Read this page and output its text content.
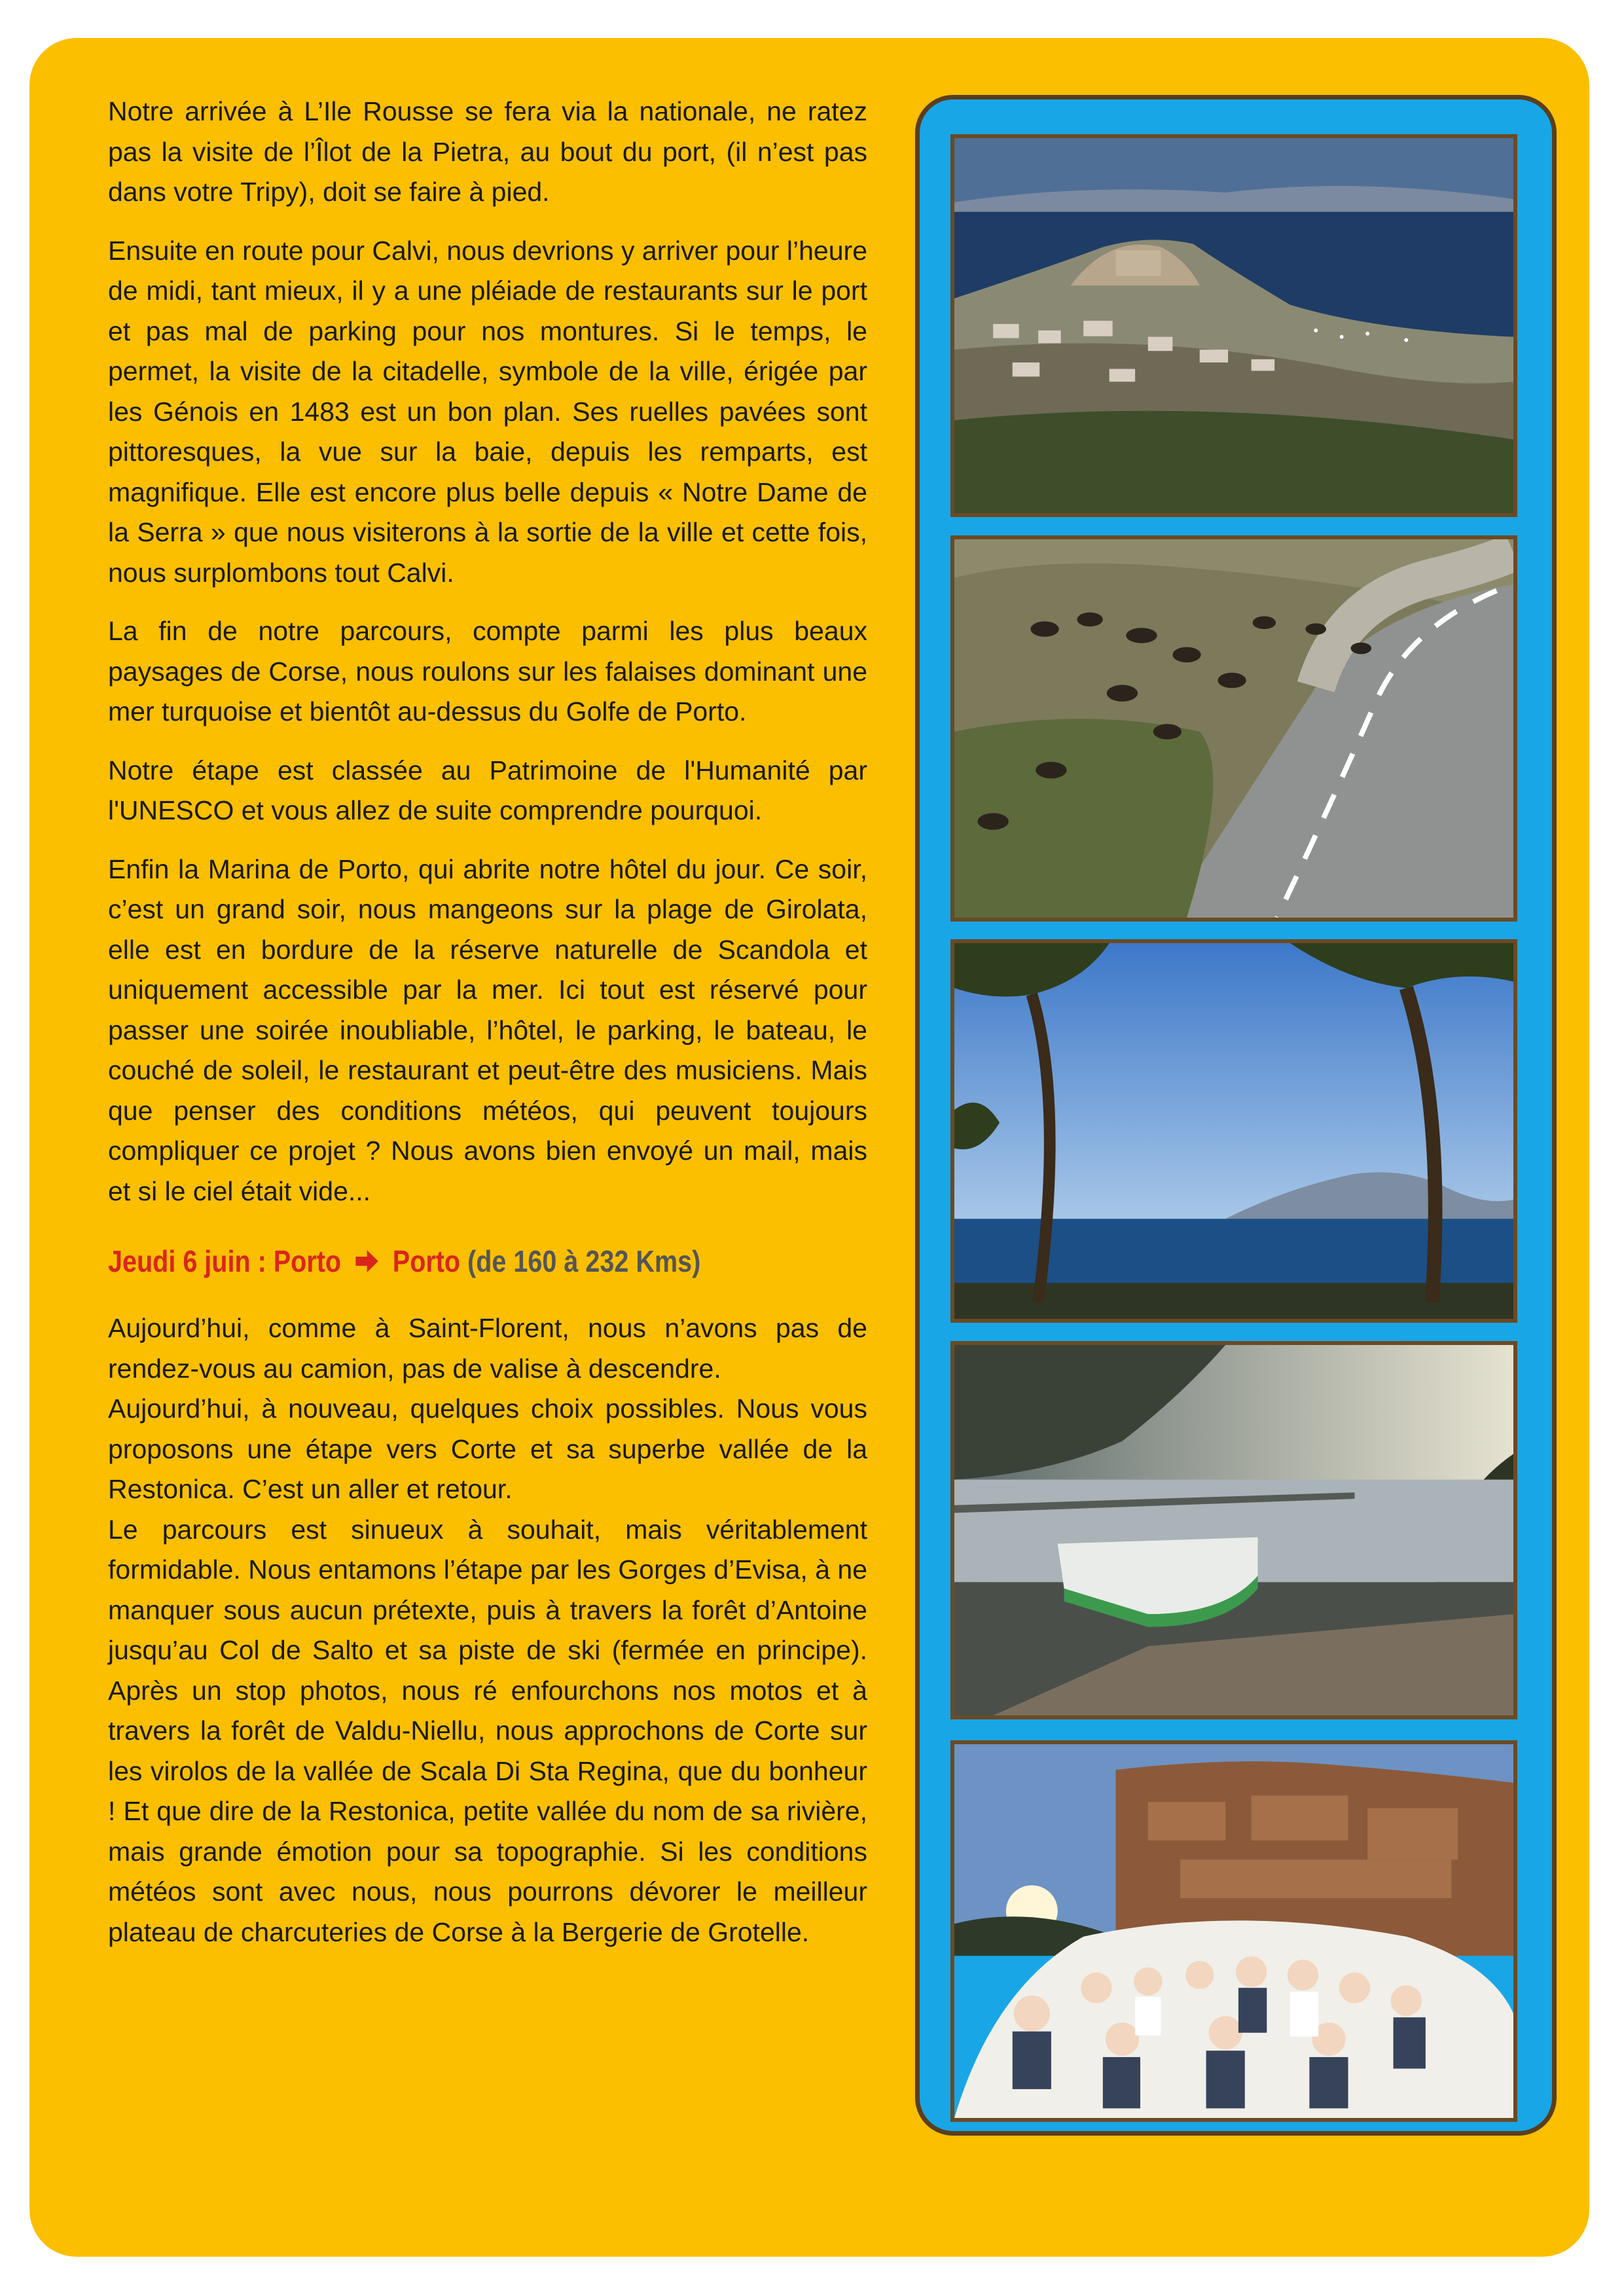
Notre arrivée à L’Ile Rousse se fera via la nationale, ne ratez pas la visite de l’Îlot de la Pietra, au bout du port, (il n’est pas dans votre Tripy), doit se faire à pied.

Ensuite en route pour Calvi, nous devrions y arriver pour l’heure de midi, tant mieux, il y a une pléiade de restaurants sur le port et pas mal de parking pour nos montures. Si le temps, le permet, la visite de la citadelle, symbole de la ville, érigée par les Génois en 1483 est un bon plan. Ses ruelles pavées sont pittoresques, la vue sur la baie, depuis les remparts, est magnifique. Elle est encore plus belle depuis « Notre Dame de la Serra » que nous visiterons à la sortie de la ville et cette fois, nous surplombons tout Calvi.

La fin de notre parcours, compte parmi les plus beaux paysages de Corse, nous roulons sur les falaises dominant une mer turquoise et bientôt au-dessus du Golfe de Porto.

Notre étape est classée au Patrimoine de l'Humanité par l'UNESCO et vous allez de suite comprendre pourquoi.

Enfin la Marina de Porto, qui abrite notre hôtel du jour. Ce soir, c’est un grand soir, nous mangeons sur la plage de Girolata, elle est en bordure de la réserve naturelle de Scandola et uniquement accessible par la mer. Ici tout est réservé pour passer une soirée inoubliable, l’hôtel, le parking, le bateau, le couché de soleil, le restaurant et peut-être des musiciens. Mais que penser des conditions météos, qui peuvent toujours compliquer ce projet ? Nous avons bien envoyé un mail, mais et si le ciel était vide...

Jeudi 6 juin : Porto Porto (de 160 à 232 Kms)

Aujourd’hui, comme à Saint-Florent, nous n’avons pas de rendez-vous au camion, pas de valise à descendre.

Aujourd’hui, à nouveau, quelques choix possibles. Nous vous proposons une étape vers Corte et sa superbe vallée de la Restonica. C’est un aller et retour.

Le parcours est sinueux à souhait, mais véritablement formidable. Nous entamons l’étape par les Gorges d’Evisa, à ne manquer sous aucun prétexte, puis à travers la forêt d’Antoine jusqu’au Col de Salto et sa piste de ski (fermée en principe). Après un stop photos, nous ré enfourchons nos motos et à travers la forêt de Valdu-Niellu, nous approchons de Corte sur les virolos de la vallée de Scala Di Sta Regina, que du bonheur ! Et que dire de la Restonica, petite vallée du nom de sa rivière, mais grande émotion pour sa topographie. Si les conditions météos sont avec nous, nous pourrons dévorer le meilleur plateau de charcuteries de Corse à la Bergerie de Grotelle.
